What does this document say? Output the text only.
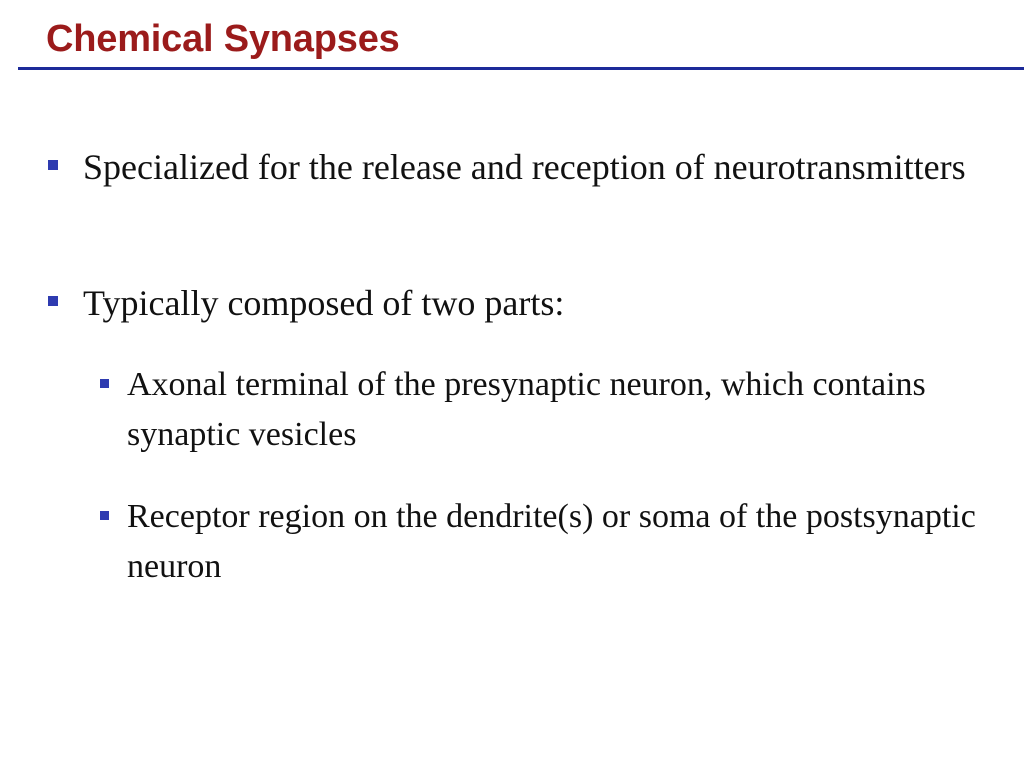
Chemical Synapses
Specialized for the release and reception of neurotransmitters
Typically composed of two parts:
Axonal terminal of the presynaptic neuron, which contains synaptic vesicles
Receptor region on the dendrite(s) or soma of the postsynaptic neuron
